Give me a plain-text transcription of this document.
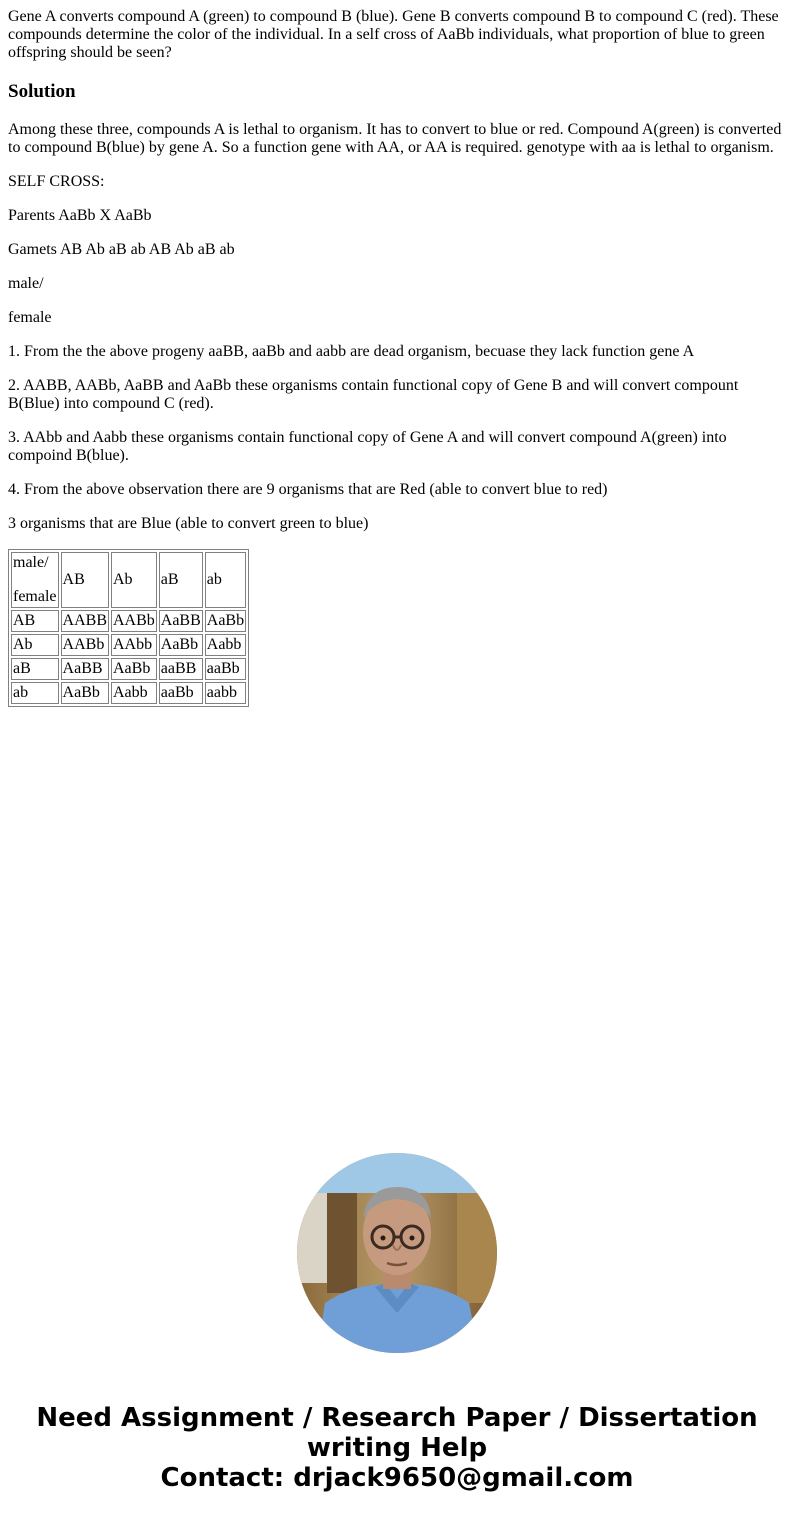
Gene A converts compound A (green) to compound B (blue). Gene B converts compound B to compound C (red). These compounds determine the color of the individual. In a self cross of AaBb individuals, what proportion of blue to green offspring should be seen?

Solution

Among these three, compounds A is lethal to organism. It has to convert to blue or red. Compound A(green) is converted to compound B(blue) by gene A. So a function gene with AA, or AA is required. genotype with aa is lethal to organism.

SELF CROSS:

Parents AaBb X AaBb

Gamets AB Ab aB ab AB Ab aB ab

male/

female

1. From the the above progeny aaBB, aaBb and aabb are dead organism, becuase they lack function gene A

2. AABB, AABb, AaBB and AaBb these organisms contain functional copy of Gene B and will convert compount B(Blue) into compound C (red).

3. AAbb and Aabb these organisms contain functional copy of Gene A and will convert compound A(green) into compoind B(blue).

4. From the above observation there are 9 organisms that are Red (able to convert blue to red)

3 organisms that are Blue (able to convert green to blue)

male/
female	AB	Ab	aB	ab
AB	AABB	AABb	AaBB	AaBb
Ab	AABb	AAbb	AaBb	Aabb
aB	AaBB	AaBb	aaBB	aaBb
ab	AaBb	Aabb	aaBb	aabb
Need Assignment / Research Paper / Dissertation
writing Help
Contact: drjack9650@gmail.com
